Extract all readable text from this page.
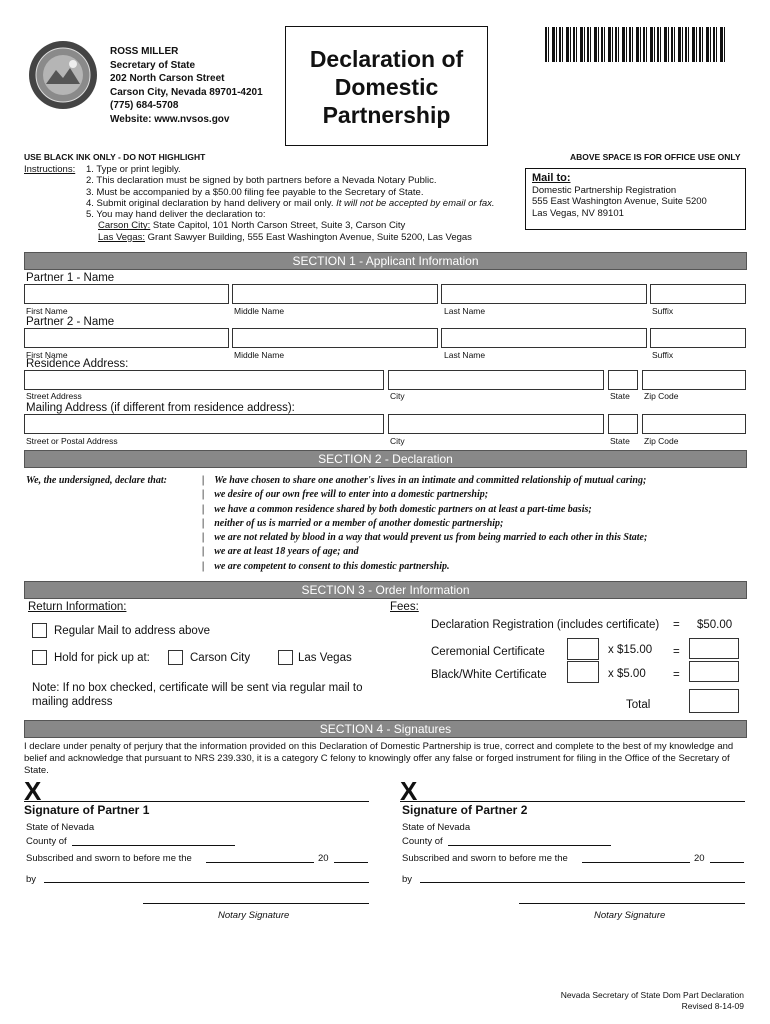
ROSS MILLER
Secretary of State
202 North Carson Street
Carson City, Nevada 89701-4201
(775) 684-5708
Website: www.nvsos.gov
Declaration of
Domestic
Partnership
USE BLACK INK ONLY - DO NOT HIGHLIGHT	ABOVE SPACE IS FOR OFFICE USE ONLY
Instructions: 1. Type or print legibly.
2. This declaration must be signed by both partners before a Nevada Notary Public.
3. Must be accompanied by a $50.00 filing fee payable to the Secretary of State.
4. Submit original declaration by hand delivery or mail only. It will not be accepted by email or fax.
5. You may hand deliver the declaration to:
Carson City: State Capitol, 101 North Carson Street, Suite 3, Carson City
Las Vegas: Grant Sawyer Building, 555 East Washington Avenue, Suite 5200, Las Vegas
Mail to:
Domestic Partnership Registration
555 East Washington Avenue, Suite 5200
Las Vegas, NV 89101
SECTION 1 - Applicant Information
Partner 1 - Name
First Name	Middle Name	Last Name	Suffix
Partner 2 - Name
First Name	Middle Name	Last Name	Suffix
Residence Address:
Street Address	City	State Zip Code
Mailing Address (if different from residence address):
Street or Postal Address	City	State Zip Code
SECTION 2 - Declaration
We, the undersigned, declare that:	| We have chosen to share one another's lives in an intimate and committed relationship of mutual caring;
| we desire of our own free will to enter into a domestic partnership;
| we have a common residence shared by both domestic partners on at least a part-time basis;
| neither of us is married or a member of another domestic partnership;
| we are not related by blood in a way that would prevent us from being married to each other in this State;
| we are at least 18 years of age; and
| we are competent to consent to this domestic partnership.
SECTION 3 - Order Information
Return Information:	Fees:
Regular Mail to address above
Hold for pick up at:	Carson City	Las Vegas
Note: If no box checked, certificate will be sent via regular mail to mailing address
Declaration Registration (includes certificate) = $50.00
Ceremonial Certificate	x $15.00 =
Black/White Certificate	x $5.00 =
Total
SECTION 4 - Signatures
I declare under penalty of perjury that the information provided on this Declaration of Domestic Partnership is true, correct and complete to the best of my knowledge and belief and acknowledge that pursuant to NRS 239.330, it is a category C felony to knowingly offer any false or forged instrument for filing in the Office of the Secretary of State.
X
Signature of Partner 1
State of Nevada
County of
Subscribed and sworn to before me the	20
by
Notary Signature
X
Signature of Partner 2
State of Nevada
County of
Subscribed and sworn to before me the	20
by
Notary Signature
Nevada Secretary of State Dom Part Declaration
Revised 8-14-09
